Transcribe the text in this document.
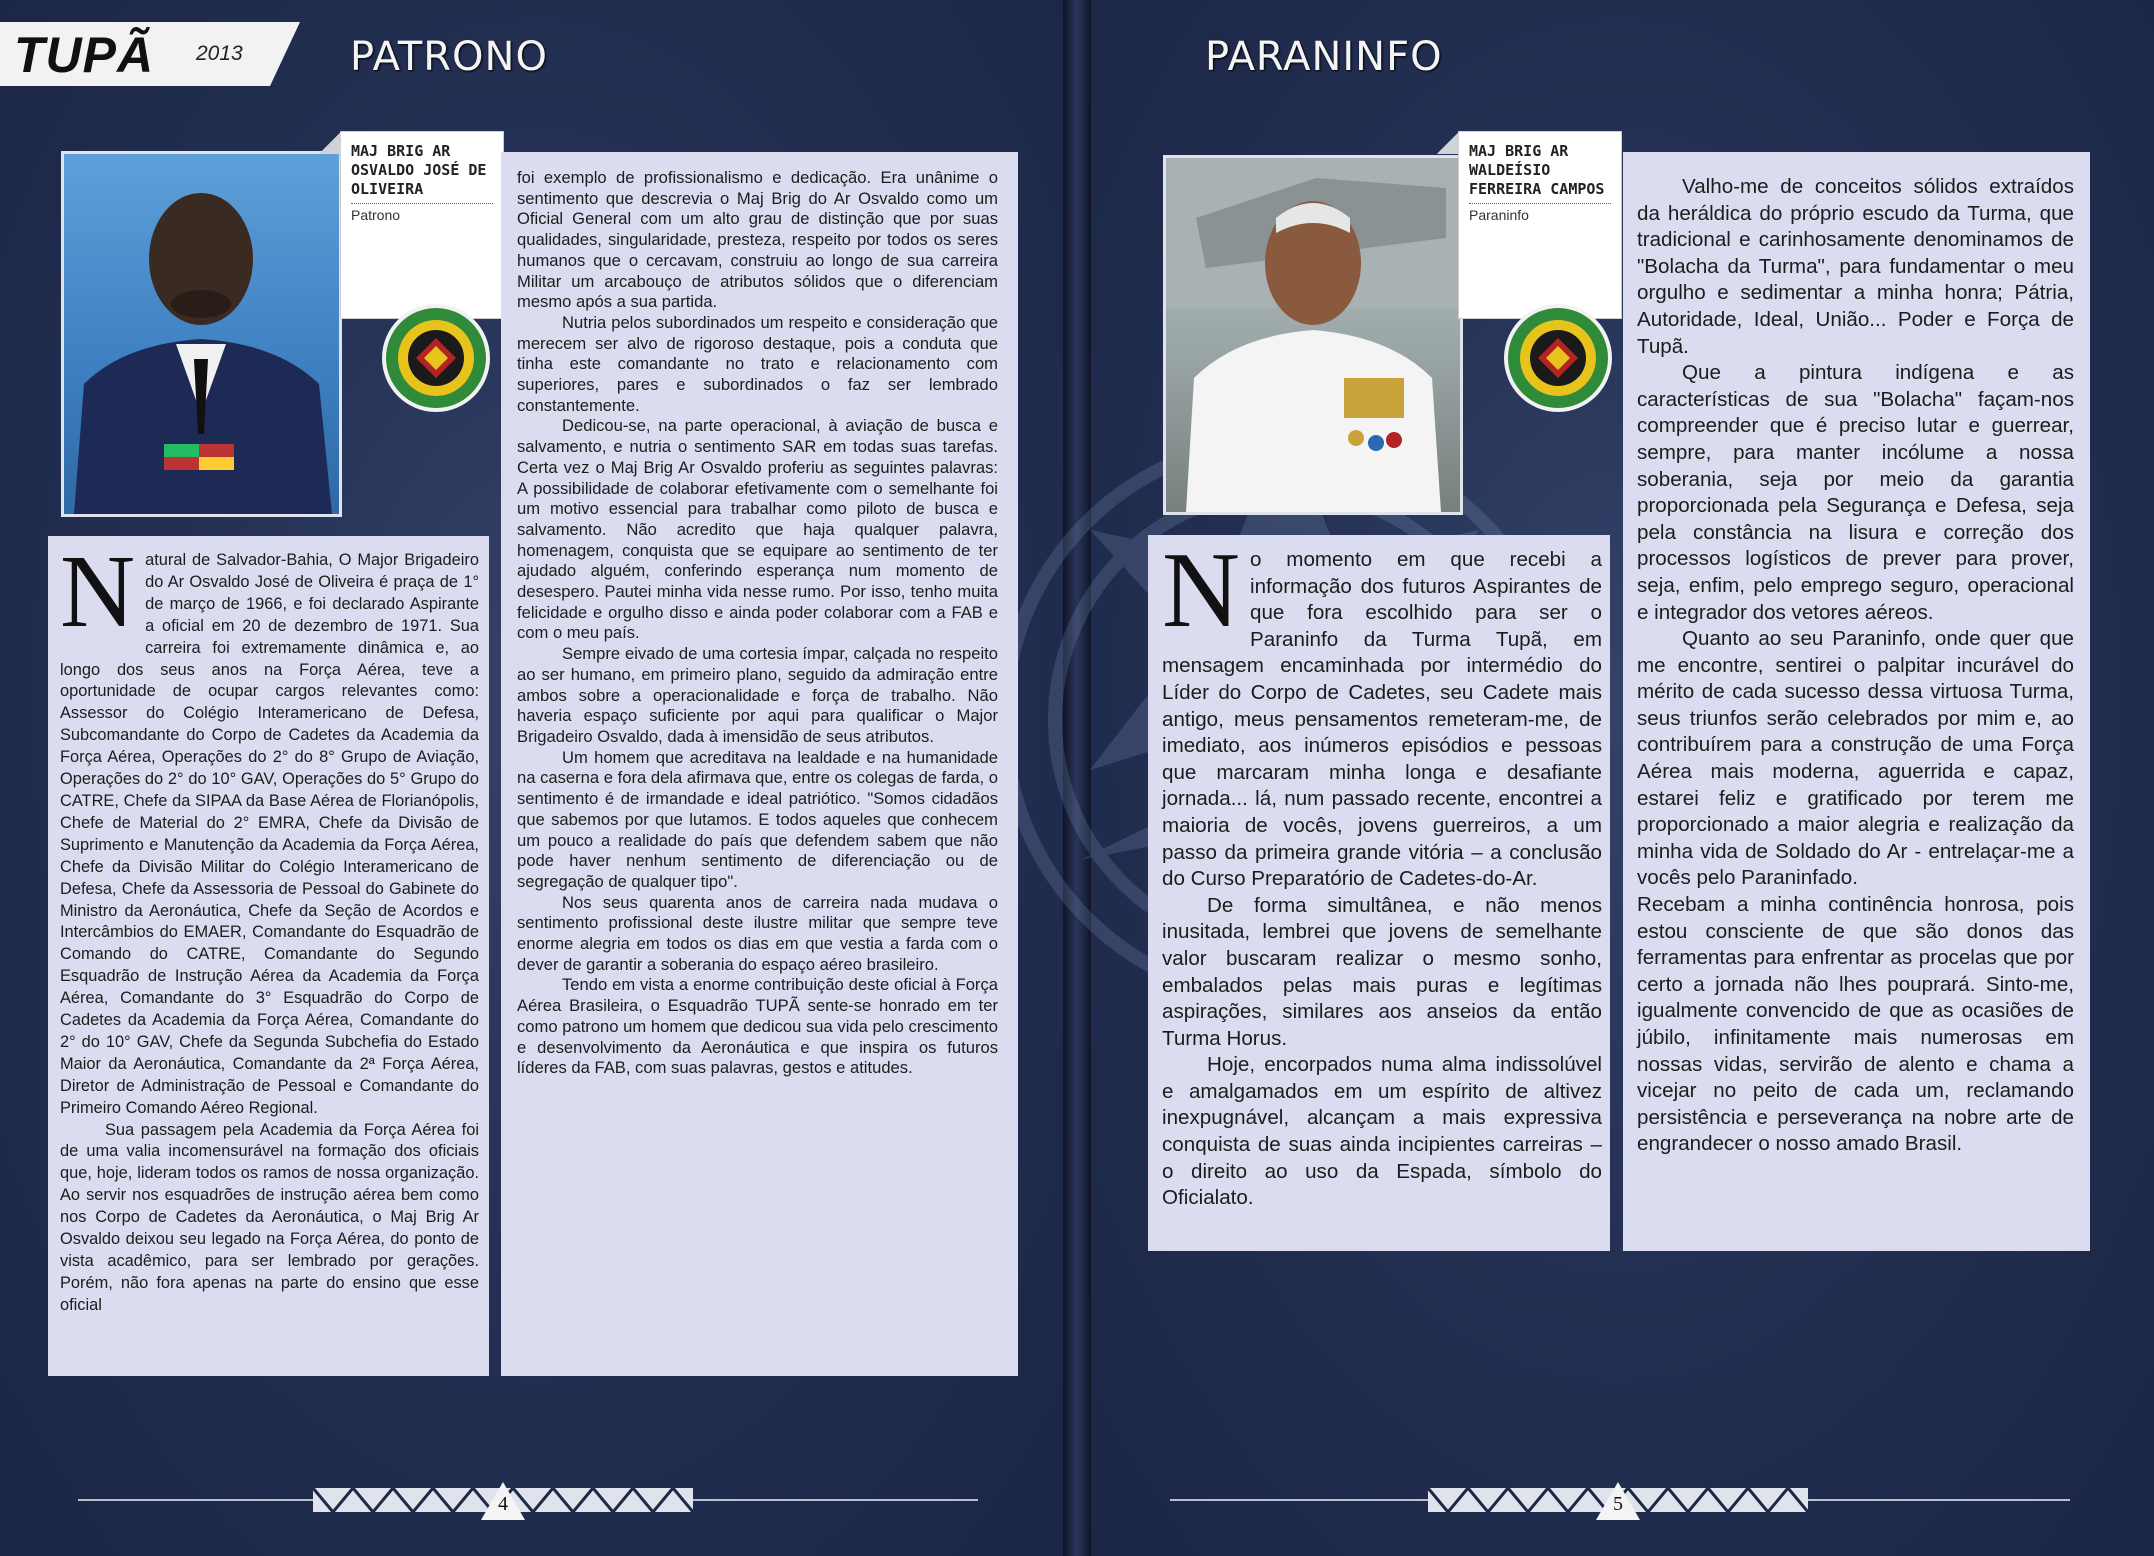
TUPÃ 2013	PATRONO	PARANINFO
MAJ BRIG AR OSVALDO JOSÉ DE OLIVEIRA
Patrono
MAJ BRIG AR WALDEÍSIO FERREIRA CAMPOS
Paraninfo
N atural de Salvador-Bahia, O Major Brigadeiro do Ar Osvaldo José de Oliveira é praça de 1° de março de 1966, e foi declarado Aspirante a oficial em 20 de dezembro de 1971. Sua carreira foi extremamente dinâmica e, ao longo dos seus anos na Força Aérea, teve a oportunidade de ocupar cargos relevantes como: Assessor do Colégio Interamericano de Defesa, Subcomandante do Corpo de Cadetes da Academia da Força Aérea, Operações do 2° do 8° Grupo de Aviação, Operações do 2° do 10° GAV, Operações do 5° Grupo do CATRE, Chefe da SIPAA da Base Aérea de Florianópolis, Chefe de Material do 2° EMRA, Chefe da Divisão de Suprimento e Manutenção da Academia da Força Aérea, Chefe da Divisão Militar do Colégio Interamericano de Defesa, Chefe da Assessoria de Pessoal do Gabinete do Ministro da Aeronáutica, Chefe da Seção de Acordos e Intercâmbios do EMAER, Comandante do Esquadrão de Comando do CATRE, Comandante do Segundo Esquadrão de Instrução Aérea da Academia da Força Aérea, Comandante do 3° Esquadrão do Corpo de Cadetes da Academia da Força Aérea, Comandante do 2° do 10° GAV, Chefe da Segunda Subchefia do Estado Maior da Aeronáutica, Comandante da 2ª Força Aérea, Diretor de Administração de Pessoal e Comandante do Primeiro Comando Aéreo Regional.

Sua passagem pela Academia da Força Aérea foi de uma valia incomensurável na formação dos oficiais que, hoje, lideram todos os ramos de nossa organização. Ao servir nos esquadrões de instrução aérea bem como nos Corpo de Cadetes da Aeronáutica, o Maj Brig Ar Osvaldo deixou seu legado na Força Aérea, do ponto de vista acadêmico, para ser lembrado por gerações. Porém, não fora apenas na parte do ensino que esse oficial

foi exemplo de profissionalismo e dedicação. Era unânime o sentimento que descrevia o Maj Brig do Ar Osvaldo como um Oficial General com um alto grau de distinção que por suas qualidades, singularidade, presteza, respeito por todos os seres humanos que o cercavam, construiu ao longo de sua carreira Militar um arcabouço de atributos sólidos que o diferenciam mesmo após a sua partida.

Nutria pelos subordinados um respeito e consideração que merecem ser alvo de rigoroso destaque, pois a conduta que tinha este comandante no trato e relacionamento com superiores, pares e subordinados o faz ser lembrado constantemente.

Dedicou-se, na parte operacional, à aviação de busca e salvamento, e nutria o sentimento SAR em todas suas tarefas. Certa vez o Maj Brig Ar Osvaldo proferiu as seguintes palavras: A possibilidade de colaborar efetivamente com o semelhante foi um motivo essencial para trabalhar como piloto de busca e salvamento. Não acredito que haja qualquer palavra, homenagem, conquista que se equipare ao sentimento de ter ajudado alguém, conferindo esperança num momento de desespero. Pautei minha vida nesse rumo. Por isso, tenho muita felicidade e orgulho disso e ainda poder colaborar com a FAB e com o meu país.

Sempre eivado de uma cortesia ímpar, calçada no respeito ao ser humano, em primeiro plano, seguido da admiração entre ambos sobre a operacionalidade e força de trabalho. Não haveria espaço suficiente por aqui para qualificar o Major Brigadeiro Osvaldo, dada à imensidão de seus atributos.

Um homem que acreditava na lealdade e na humanidade na caserna e fora dela afirmava que, entre os colegas de farda, o sentimento é de irmandade e ideal patriótico. "Somos cidadãos que sabemos por que lutamos. E todos aqueles que conhecem um pouco a realidade do país que defendem sabem que não pode haver nenhum sentimento de diferenciação ou de segregação de qualquer tipo".

Nos seus quarenta anos de carreira nada mudava o sentimento profissional deste ilustre militar que sempre teve enorme alegria em todos os dias em que vestia a farda com o dever de garantir a soberania do espaço aéreo brasileiro.

Tendo em vista a enorme contribuição deste oficial à Força Aérea Brasileira, o Esquadrão TUPÃ sente-se honrado em ter como patrono um homem que dedicou sua vida pelo crescimento e desenvolvimento da Aeronáutica e que inspira os futuros líderes da FAB, com suas palavras, gestos e atitudes.

N o momento em que recebi a informação dos futuros Aspirantes de que fora escolhido para ser o Paraninfo da Turma Tupã, em mensagem encaminhada por intermédio do Líder do Corpo de Cadetes, seu Cadete mais antigo, meus pensamentos remeteram-me, de imediato, aos inúmeros episódios e pessoas que marcaram minha longa e desafiante jornada... lá, num passado recente, encontrei a maioria de vocês, jovens guerreiros, a um passo da primeira grande vitória – a conclusão do Curso Preparatório de Cadetes-do-Ar.

De forma simultânea, e não menos inusitada, lembrei que jovens de semelhante valor buscaram realizar o mesmo sonho, embalados pelas mais puras e legítimas aspirações, similares aos anseios da então Turma Horus.

Hoje, encorpados numa alma indissolúvel e amalgamados em um espírito de altivez inexpugnável, alcançam a mais expressiva conquista de suas ainda incipientes carreiras – o direito ao uso da Espada, símbolo do Oficialato.

Valho-me de conceitos sólidos extraídos da heráldica do próprio escudo da Turma, que tradicional e carinhosamente denominamos de "Bolacha da Turma", para fundamentar o meu orgulho e sedimentar a minha honra; Pátria, Autoridade, Ideal, União... Poder e Força de Tupã.

Que a pintura indígena e as características de sua "Bolacha" façam-nos compreender que é preciso lutar e guerrear, sempre, para manter incólume a nossa soberania, seja por meio da garantia proporcionada pela Segurança e Defesa, seja pela constância na lisura e correção dos processos logísticos de prever para prover, seja, enfim, pelo emprego seguro, operacional e integrador dos vetores aéreos.

Quanto ao seu Paraninfo, onde quer que me encontre, sentirei o palpitar incurável do mérito de cada sucesso dessa virtuosa Turma, seus triunfos serão celebrados por mim e, ao contribuírem para a construção de uma Força Aérea mais moderna, aguerrida e capaz, estarei feliz e gratificado por terem me proporcionado a maior alegria e realização da minha vida de Soldado do Ar - entrelaçar-me a vocês pelo Paraninfado.

Recebam a minha continência honrosa, pois estou consciente de que são donos das ferramentas para enfrentar as procelas que por certo a jornada não lhes pouprará. Sinto-me, igualmente convencido de que as ocasiões de júbilo, infinitamente mais numerosas em nossas vidas, servirão de alento e chama a vicejar no peito de cada um, reclamando persistência e perseverança na nobre arte de engrandecer o nosso amado Brasil.

4	5
